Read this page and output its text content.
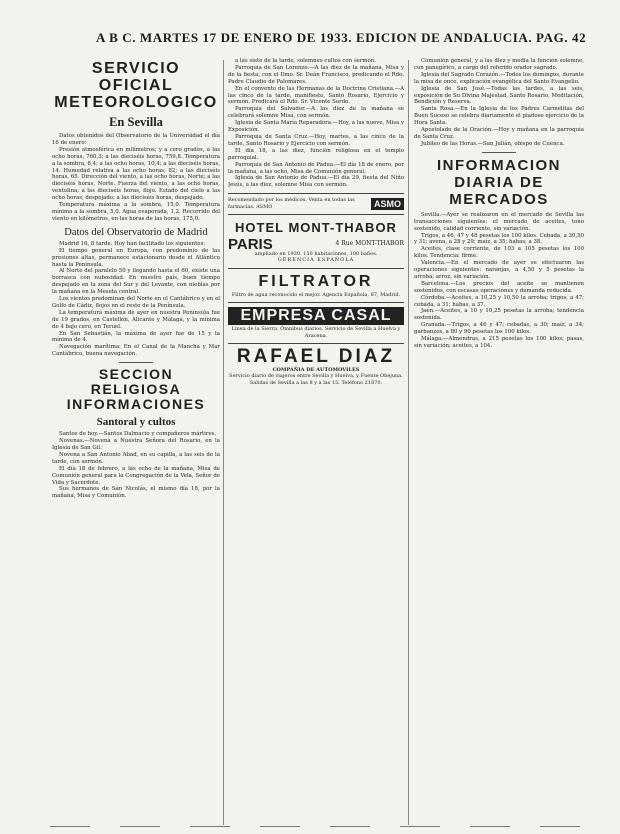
A B C. MARTES 17 DE ENERO DE 1933. EDICION DE ANDALUCIA. PAG. 42
SERVICIO OFICIAL METEOROLOGICO
En Sevilla

Datos obtenidos del Observatorio de la Universidad el día 16 de enero:

Presión atmosférica en milímetros; y a cero grados, a las ocho horas, 760,3; a las dieciséis horas, 759,8. Temperatura a la sombra, 8,4; a las ocho horas, 10,4; a las dieciséis horas, 14. Humedad relativa a las ocho horas, 82; a las dieciséis horas, 65. Dirección del viento, a las ocho horas, Norte; a las dieciséis horas, Norte. Fuerza del viento, a las ocho horas, ventolina; a las dieciséis horas, flojo. Estado del cielo a las ocho horas, despejado; a las dieciséis horas, despejado.

Temperatura máxima a la sombra, 15,0. Temperatura mínima a la sombra, 5,0. Agua evaporada, 1,2. Recorrido del viento en kilómetros, en las horas de las horas, 175,0.

Datos del Observatorio de Madrid

Madrid 16, 8 tarde. Hoy han facilitado los siguientes:

El tiempo general en Europa, con predominio de las presiones altas, permanece estacionario desde el Atlántico hasta la Península.

Al Norte del paralelo 50 y llegando hasta el 60, existe una borrasca con nubosidad. En nuestro país, buen tiempo despejado en la zona del Sur y del Levante, con nieblas por la mañana en la Meseta central.

Los vientos predominan del Norte en el Cantábrico y en el Golfo de Cádiz, flojos en el resto de la Península.

La temperatura máxima de ayer en nuestra Península fue de 19 grados, en Castellón, Alicante y Málaga, y la mínima de 4 bajo cero, en Teruel.

En San Sebastián, la máxima de ayer fue de 15 y la mínima de 4.

Navegación marítima: En el Canal de la Mancha y Mar Cantábrico, buena navegación.

SECCION RELIGIOSA INFORMACIONES
Santoral y cultos

Santos de hoy.—Santos Dalmacio y compañeros mártires.

Novenas.—Novena a Nuestra Señora del Rosario, en la Iglesia de San Gil.

Novena a San Antonio Abad, en su capilla, a las seis de la tarde, con sermón.

El día 18 de febrero, a las ocho de la mañana, Misa de Comunión general para la Congregación de la Vela, Señor de Vida y Sacerdote.

Sus hermanos de San Nicolás, el mismo día 18, por la mañana, Misa y Comunión.

a las siete de la tarde, solemnes cultos con sermón.

Parroquia de San Lorenzo.—A las diez de la mañana, Misa y de la fiesta, con el Ilmo. Sr. Deán Francisco, predicando el Rdo. Padre Claudio de Palomares.

En el convento de las Hermanas de la Doctrina Cristiana.—A las cinco de la tarde, manifiesto, Santo Rosario, Ejercicio y sermón. Predicará el Rdo. Sr. Vicente Sordo.

Parroquia del Salvador.—A las diez de la mañana se celebrará solemne Misa, con sermón.

Iglesia de Santa María Reparadora.—Hoy, a las nueve, Misa y Exposición.

Parroquia de Santa Cruz.—Hoy, martes, a las cinco de la tarde, Santo Rosario y Ejercicio con sermón.

El día 18, a las diez, función religiosa en el templo parroquial.

Parroquia de San Antonio de Padua.—El día 18 de enero, por la mañana, a las ocho, Misa de Comunión general.

Iglesia de San Antonio de Padua.—El día 29, fiesta del Niño Jesús, a las diez, solemne Misa con sermón.

Recomendado por los médicos. Venta en todas las farmacias. ASMO	ASMO
HOTEL MONT-THABOR
PARIS	4 Rue MONT-THABOR

ampliado en 1930. 150 habitaciones, 100 baños.

GERENCIA ESPAÑOLA

FILTRATOR

Filtro de agua reconocido el mejor. Agencia Española, 87, Madrid.

EMPRESA CASAL

Línea de la Sierra. Ómnibus diarios. Servicio de Sevilla a Huelva y Aracena.

RAFAEL DIAZ

COMPAÑIA DE AUTOMOVILES

Servicio diario de viajeros entre Sevilla y Huelva, y Fuente Obejuna. Salidas de Sevilla a las 8 y a las 15. Teléfono 21870.

Comunión general, y a las diez y media la función solemne, con panegírico, a cargo del referido orador sagrado.

Iglesia del Sagrado Corazón.—Todos los domingos, durante la misa de once, explicación evangélica del Santo Evangelio.

Iglesia de San José.—Todas las tardes, a las seis, exposición de Su Divina Majestad, Santo Rosario, Meditación, Bendición y Reserva.

Santa Rosa.—En la Iglesia de los Padres Carmelitas del Buen Suceso se celebra diariamente el piadoso ejercicio de la Hora Santa.

Apostolado de la Oración.—Hoy y mañana en la parroquia de Santa Cruz.

Jubileo de las Horas.—San Julián, obispo de Cuenca.

INFORMACION DIARIA DE MERCADOS

Sevilla.—Ayer se realizaron en el mercado de Sevilla las transacciones siguientes: el mercado de aceites, tono sostenido, calidad corriente, sin variación.

Trigos, a 46, 47 y 48 pesetas los 100 kilos. Cebada, a 30,50 y 31; avena, a 28 y 29; maíz, a 35; habas, a 38.

Aceites, clase corriente, de 103 a 105 pesetas los 100 kilos. Tendencia: firme.

Valencia.—En el mercado de ayer se efectuaron las operaciones siguientes: naranjas, a 4,50 y 5 pesetas la arroba; arroz, sin variación.

Barcelona.—Los precios del aceite se mantienen sostenidos, con escasas operaciones y demanda reducida.

Córdoba.—Aceites, a 10,25 y 10,50 la arroba; trigos, a 47; cebada, a 31; habas, a 37.

Jaén.—Aceites, a 10 y 10,25 pesetas la arroba; tendencia sostenida.

Granada.—Trigos, a 46 y 47; cebadas, a 30; maíz, a 34; garbanzos, a 80 y 90 pesetas los 100 kilos.

Málaga.—Almendras, a 215 pesetas los 100 kilos; pasas, sin variación; aceites, a 104.
